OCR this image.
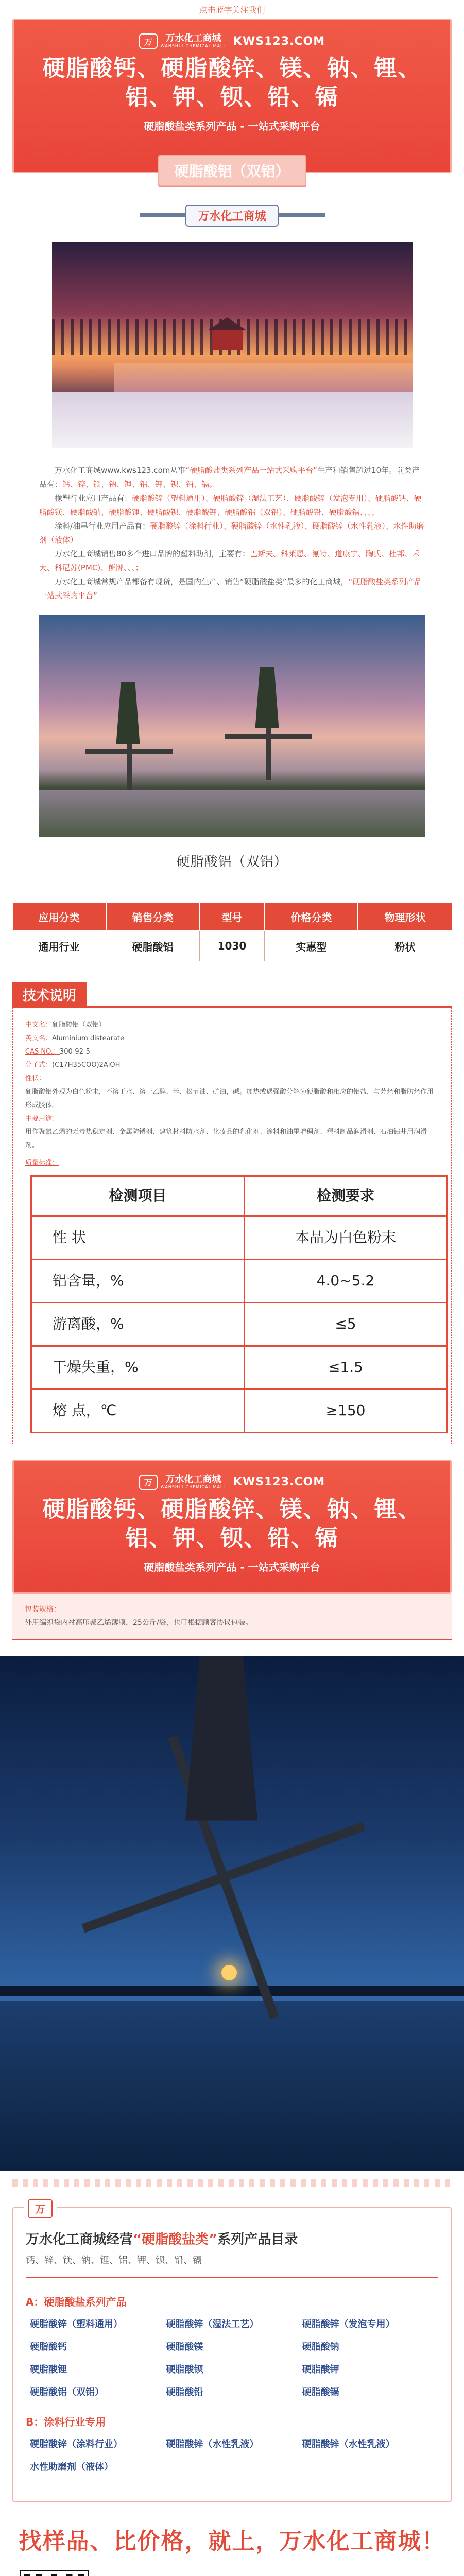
点击蓝字关注我们
万	万水化工商城
WANSHUI CHEMICAL MALL KWS123.COM
硬脂酸钙、硬脂酸锌、镁、钠、锂、铝、钾、钡、铅、镉
硬脂酸盐类系列产品 - 一站式采购平台
硬脂酸铝（双铝）
万水化工商城

万水化工商城www.kws123.com从事“硬脂酸盐类系列产品一站式采购平台”生产和销售超过10年。前类产品有：钙、锌、镁、钠、锂、铝、钾、钡、铅、镉。

橡塑行业应用产品有：硬脂酸锌（塑料通用）、硬脂酸锌（湿法工艺）、硬脂酸锌（发泡专用）、硬脂酸钙、硬脂酸镁、硬脂酸钠、硬脂酸锂、硬脂酸钡、硬脂酸钾、硬脂酸铝（双铝）、硬脂酸铅、硬脂酸镉、、、；

涂料/油墨行业应用产品有：硬脂酸锌（涂料行业）、硬脂酸锌（水性乳液）、硬脂酸锌（水性乳液）、水性助磨剂（液体）

万水化工商城销售80多个进口品牌的塑料助剂，主要有：巴斯夫、科莱恩、氟特、道康宁、陶氏、杜邦、禾大、科尼苏(PMC)、熊牌、、、；

万水化工商城常规产品都备有现货，是国内生产、销售“硬脂酸盐类”最多的化工商城，“硬脂酸盐类系列产品一站式采购平台”

硬脂酸铝（双铝）
应用分类	销售分类	型号	价格分类	物理形状
通用行业	硬脂酸铝	1030	实惠型	粉状
技术说明
中文名：硬脂酸铝（双铝）
英文名：Aluminium distearate
CAS NO.：300-92-5
分子式：(C17H35COO)2AlOH
性状：
硬脂酸铝外观为白色粉末，不溶于水、溶于乙醇、苯、松节油、矿油，碱。加热或遇强酸分解为硬脂酸和相应的铝盐，与芳烃和脂肪烃作用形成胶体。
主要用途：
用作聚氯乙烯的无毒热稳定剂、金属防锈剂、建筑材料防水剂、化妆品的乳化剂、涂料和油墨增稠剂、塑料制品润滑剂、石油钻井用润滑剂。
质量标准：
检测项目	检测要求
性 状	本品为白色粉末
铝含量，%	4.0~5.2
游离酸，%	≤5
干燥失重，%	≤1.5
熔 点，℃	≥150
万	万水化工商城
WANSHUI CHEMICAL MALL KWS123.COM
硬脂酸钙、硬脂酸锌、镁、钠、锂、铝、钾、钡、铅、镉
硬脂酸盐类系列产品 - 一站式采购平台
包装规格：
外用编织袋内衬高压聚乙烯薄膜，25公斤/袋，也可根据顾客协议包装。
万
万水化工商城经营“硬脂酸盐类”系列产品目录
钙、锌、镁、钠、锂、铝、钾、钡、铅、镉
A：硬脂酸盐系列产品
硬脂酸锌（塑料通用）	硬脂酸锌（湿法工艺）	硬脂酸锌（发泡专用）
硬脂酸钙	硬脂酸镁	硬脂酸钠
硬脂酸锂	硬脂酸钡	硬脂酸钾
硬脂酸铝（双铝）	硬脂酸铅	硬脂酸镉
B：涂料行业专用
硬脂酸锌（涂料行业）	硬脂酸锌（水性乳液）	硬脂酸锌（水性乳液）
水性助磨剂（液体）
找样品、比价格，就上，万水化工商城！
